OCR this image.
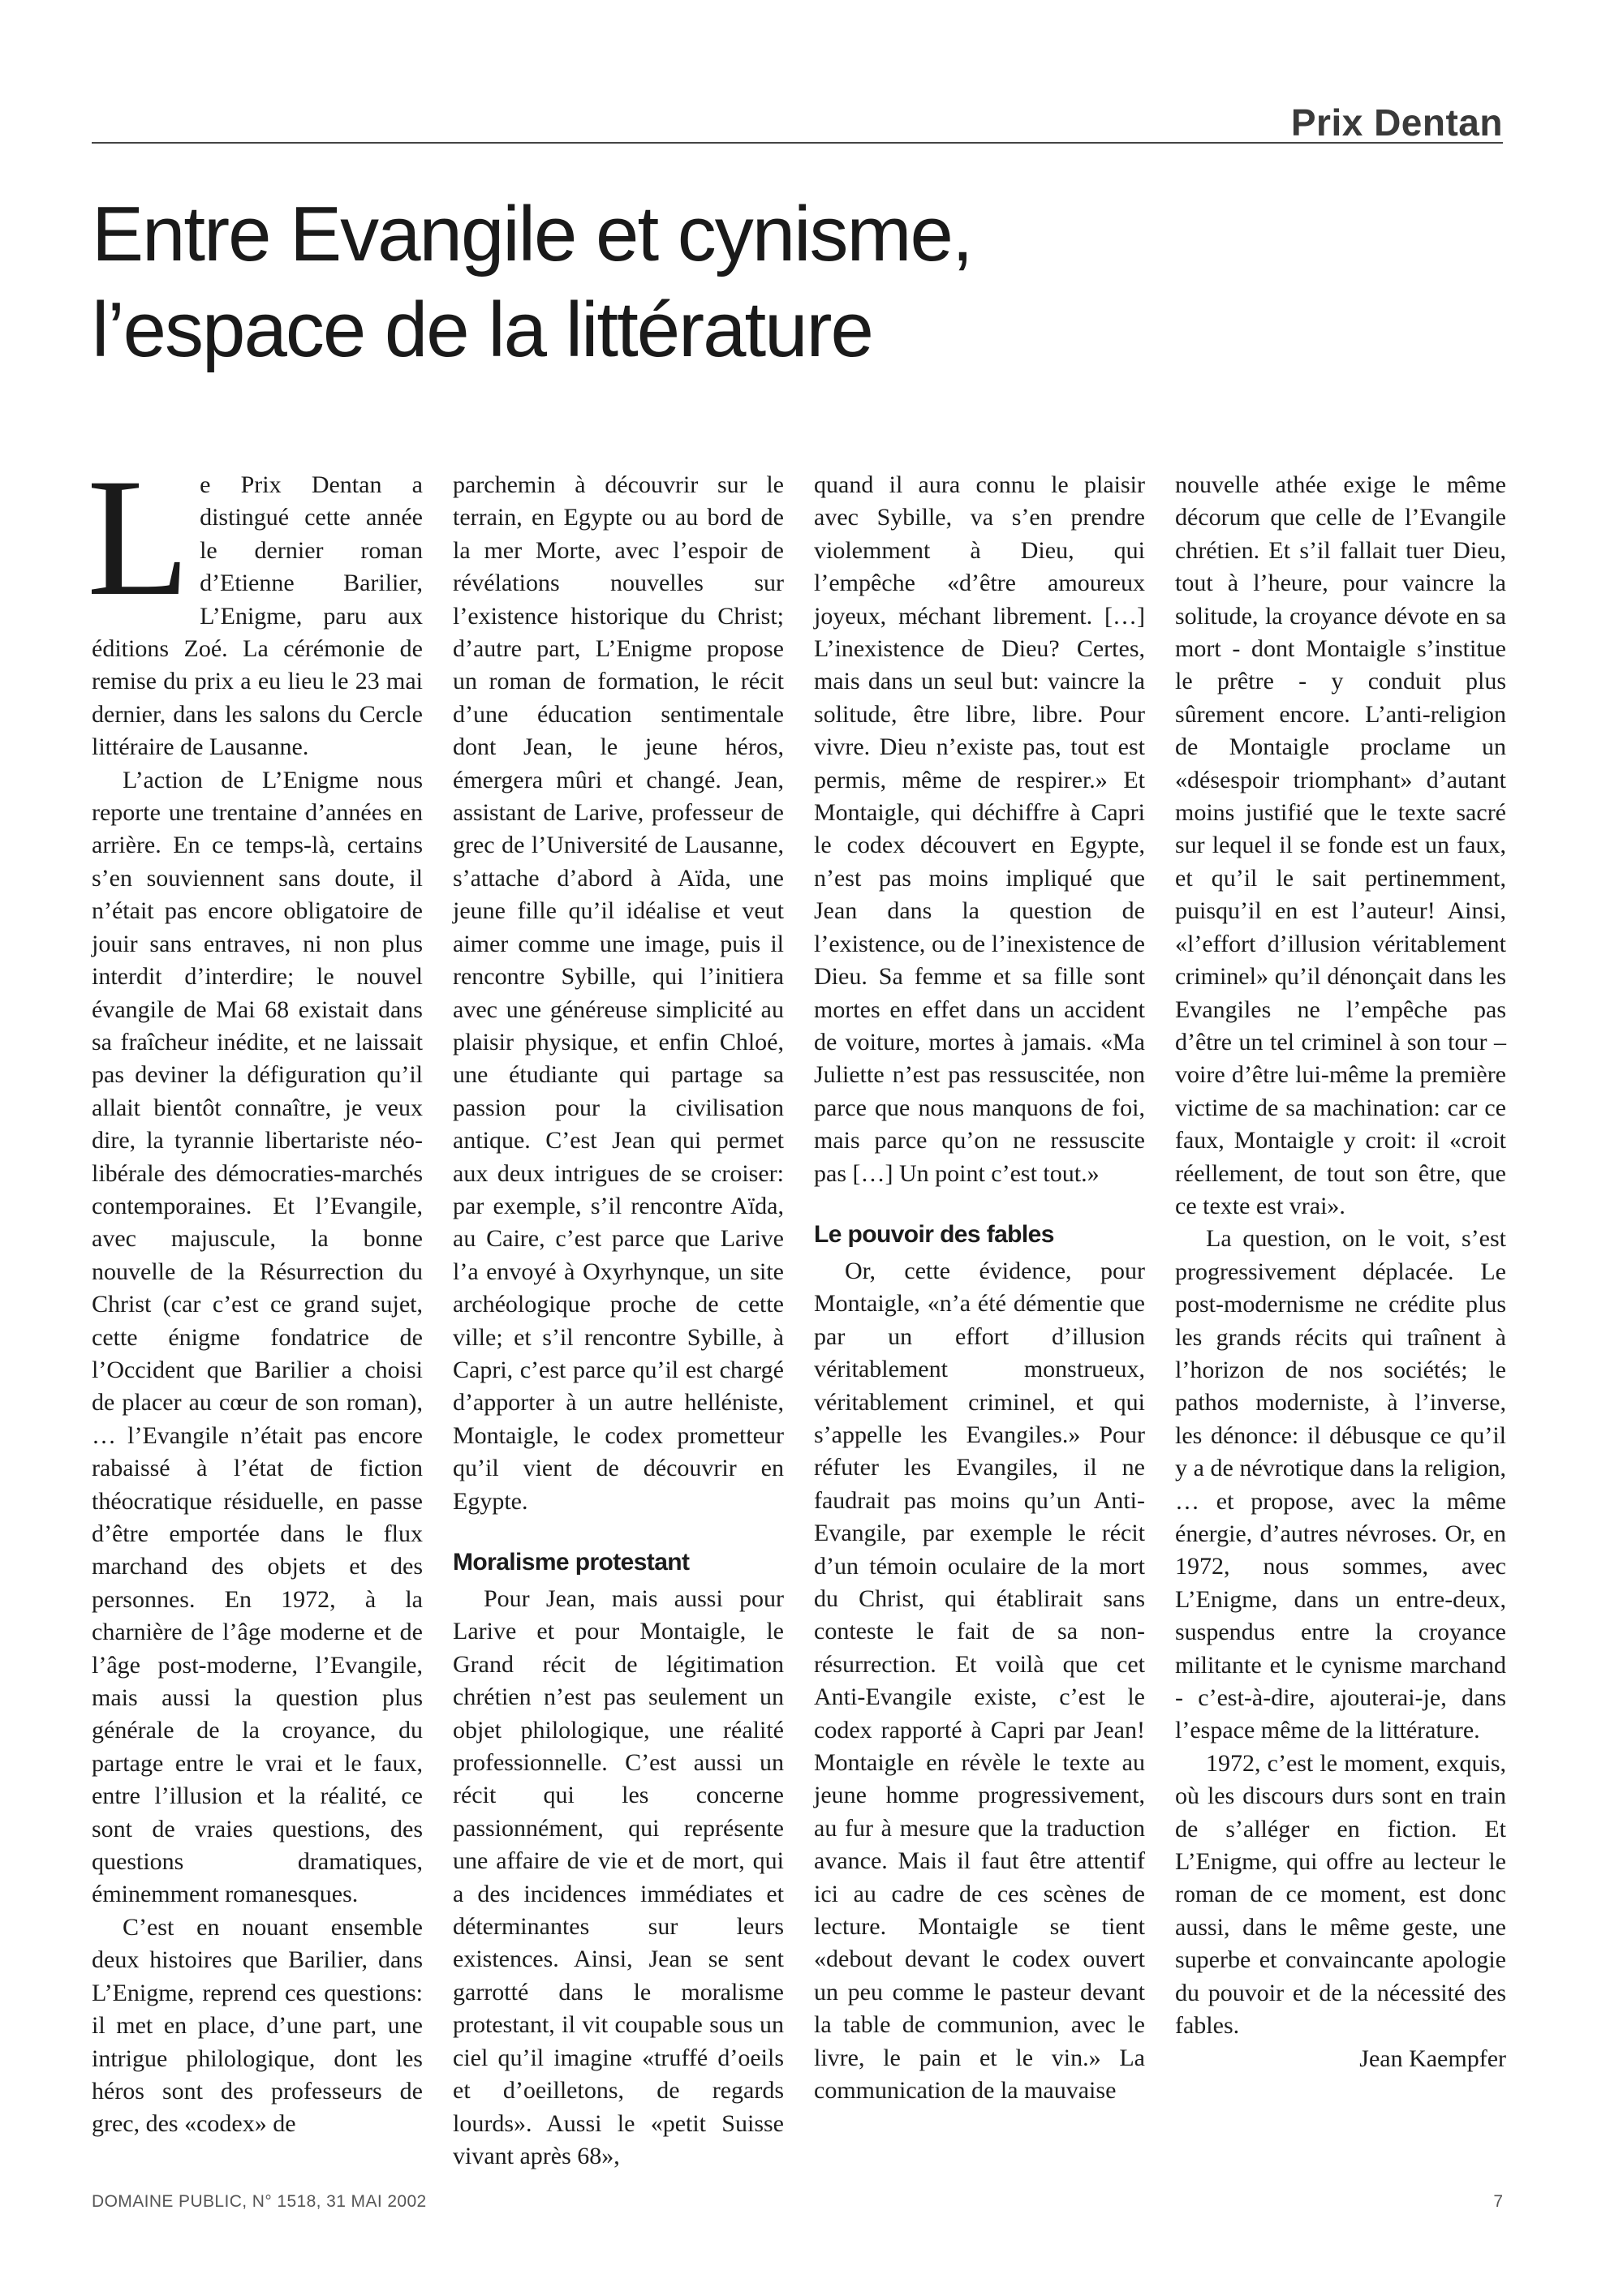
Prix Dentan
Entre Evangile et cynisme,
l’espace de la littérature

Le Prix Dentan a distingué cette année le dernier roman d’Etienne Barilier, L’Enigme, paru aux éditions Zoé. La cérémonie de remise du prix a eu lieu le 23 mai dernier, dans les salons du Cercle littéraire de Lausanne.

L’action de L’Enigme nous reporte une trentaine d’années en arrière. En ce temps-là, certains s’en souviennent sans doute, il n’était pas encore obligatoire de jouir sans entraves, ni non plus interdit d’interdire; le nouvel évangile de Mai 68 existait dans sa fraîcheur inédite, et ne laissait pas deviner la défiguration qu’il allait bientôt connaître, je veux dire, la tyrannie libertariste néo-libérale des démocraties-marchés contemporaines. Et l’Evangile, avec majuscule, la bonne nouvelle de la Résurrection du Christ (car c’est ce grand sujet, cette énigme fondatrice de l’Occident que Barilier a choisi de placer au cœur de son roman), … l’Evangile n’était pas encore rabaissé à l’état de fiction théocratique résiduelle, en passe d’être emportée dans le flux marchand des objets et des personnes. En 1972, à la charnière de l’âge moderne et de l’âge post-moderne, l’Evangile, mais aussi la question plus générale de la croyance, du partage entre le vrai et le faux, entre l’illusion et la réalité, ce sont de vraies questions, des questions dramatiques, éminemment romanesques.

C’est en nouant ensemble deux histoires que Barilier, dans L’Enigme, reprend ces questions: il met en place, d’une part, une intrigue philologique, dont les héros sont des professeurs de grec, des «codex» de

parchemin à découvrir sur le terrain, en Egypte ou au bord de la mer Morte, avec l’espoir de révélations nouvelles sur l’existence historique du Christ; d’autre part, L’Enigme propose un roman de formation, le récit d’une éducation sentimentale dont Jean, le jeune héros, émergera mûri et changé. Jean, assistant de Larive, professeur de grec de l’Université de Lausanne, s’attache d’abord à Aïda, une jeune fille qu’il idéalise et veut aimer comme une image, puis il rencontre Sybille, qui l’initiera avec une généreuse simplicité au plaisir physique, et enfin Chloé, une étudiante qui partage sa passion pour la civilisation antique. C’est Jean qui permet aux deux intrigues de se croiser: par exemple, s’il rencontre Aïda, au Caire, c’est parce que Larive l’a envoyé à Oxyrhynque, un site archéologique proche de cette ville; et s’il rencontre Sybille, à Capri, c’est parce qu’il est chargé d’apporter à un autre helléniste, Montaigle, le codex prometteur qu’il vient de découvrir en Egypte.

Moralisme protestant

Pour Jean, mais aussi pour Larive et pour Montaigle, le Grand récit de légitimation chrétien n’est pas seulement un objet philologique, une réalité professionnelle. C’est aussi un récit qui les concerne passionnément, qui représente une affaire de vie et de mort, qui a des incidences immédiates et déterminantes sur leurs existences. Ainsi, Jean se sent garrotté dans le moralisme protestant, il vit coupable sous un ciel qu’il imagine «truffé d’oeils et d’oeilletons, de regards lourds». Aussi le «petit Suisse vivant après 68»,

quand il aura connu le plaisir avec Sybille, va s’en prendre violemment à Dieu, qui l’empêche «d’être amoureux joyeux, méchant librement. […] L’inexistence de Dieu? Certes, mais dans un seul but: vaincre la solitude, être libre, libre. Pour vivre. Dieu n’existe pas, tout est permis, même de respirer.» Et Montaigle, qui déchiffre à Capri le codex découvert en Egypte, n’est pas moins impliqué que Jean dans la question de l’existence, ou de l’inexistence de Dieu. Sa femme et sa fille sont mortes en effet dans un accident de voiture, mortes à jamais. «Ma Juliette n’est pas ressuscitée, non parce que nous manquons de foi, mais parce qu’on ne ressuscite pas […] Un point c’est tout.»

Le pouvoir des fables

Or, cette évidence, pour Montaigle, «n’a été démentie que par un effort d’illusion véritablement monstrueux, véritablement criminel, et qui s’appelle les Evangiles.» Pour réfuter les Evangiles, il ne faudrait pas moins qu’un Anti-Evangile, par exemple le récit d’un témoin oculaire de la mort du Christ, qui établirait sans conteste le fait de sa non-résurrection. Et voilà que cet Anti-Evangile existe, c’est le codex rapporté à Capri par Jean! Montaigle en révèle le texte au jeune homme progressivement, au fur à mesure que la traduction avance. Mais il faut être attentif ici au cadre de ces scènes de lecture. Montaigle se tient «debout devant le codex ouvert un peu comme le pasteur devant la table de communion, avec le livre, le pain et le vin.» La communication de la mauvaise

nouvelle athée exige le même décorum que celle de l’Evangile chrétien. Et s’il fallait tuer Dieu, tout à l’heure, pour vaincre la solitude, la croyance dévote en sa mort - dont Montaigle s’institue le prêtre - y conduit plus sûrement encore. L’anti-religion de Montaigle proclame un «désespoir triomphant» d’autant moins justifié que le texte sacré sur lequel il se fonde est un faux, et qu’il le sait pertinemment, puisqu’il en est l’auteur! Ainsi, «l’effort d’illusion véritablement criminel» qu’il dénonçait dans les Evangiles ne l’empêche pas d’être un tel criminel à son tour – voire d’être lui-même la première victime de sa machination: car ce faux, Montaigle y croit: il «croit réellement, de tout son être, que ce texte est vrai».

La question, on le voit, s’est progressivement déplacée. Le post-modernisme ne crédite plus les grands récits qui traînent à l’horizon de nos sociétés; le pathos moderniste, à l’inverse, les dénonce: il débusque ce qu’il y a de névrotique dans la religion, … et propose, avec la même énergie, d’autres névroses. Or, en 1972, nous sommes, avec L’Enigme, dans un entre-deux, suspendus entre la croyance militante et le cynisme marchand - c’est-à-dire, ajouterai-je, dans l’espace même de la littérature.

1972, c’est le moment, exquis, où les discours durs sont en train de s’alléger en fiction. Et L’Enigme, qui offre au lecteur le roman de ce moment, est donc aussi, dans le même geste, une superbe et convaincante apologie du pouvoir et de la nécessité des fables.

Jean Kaempfer

DOMAINE PUBLIC, N° 1518, 31 MAI 2002	7
